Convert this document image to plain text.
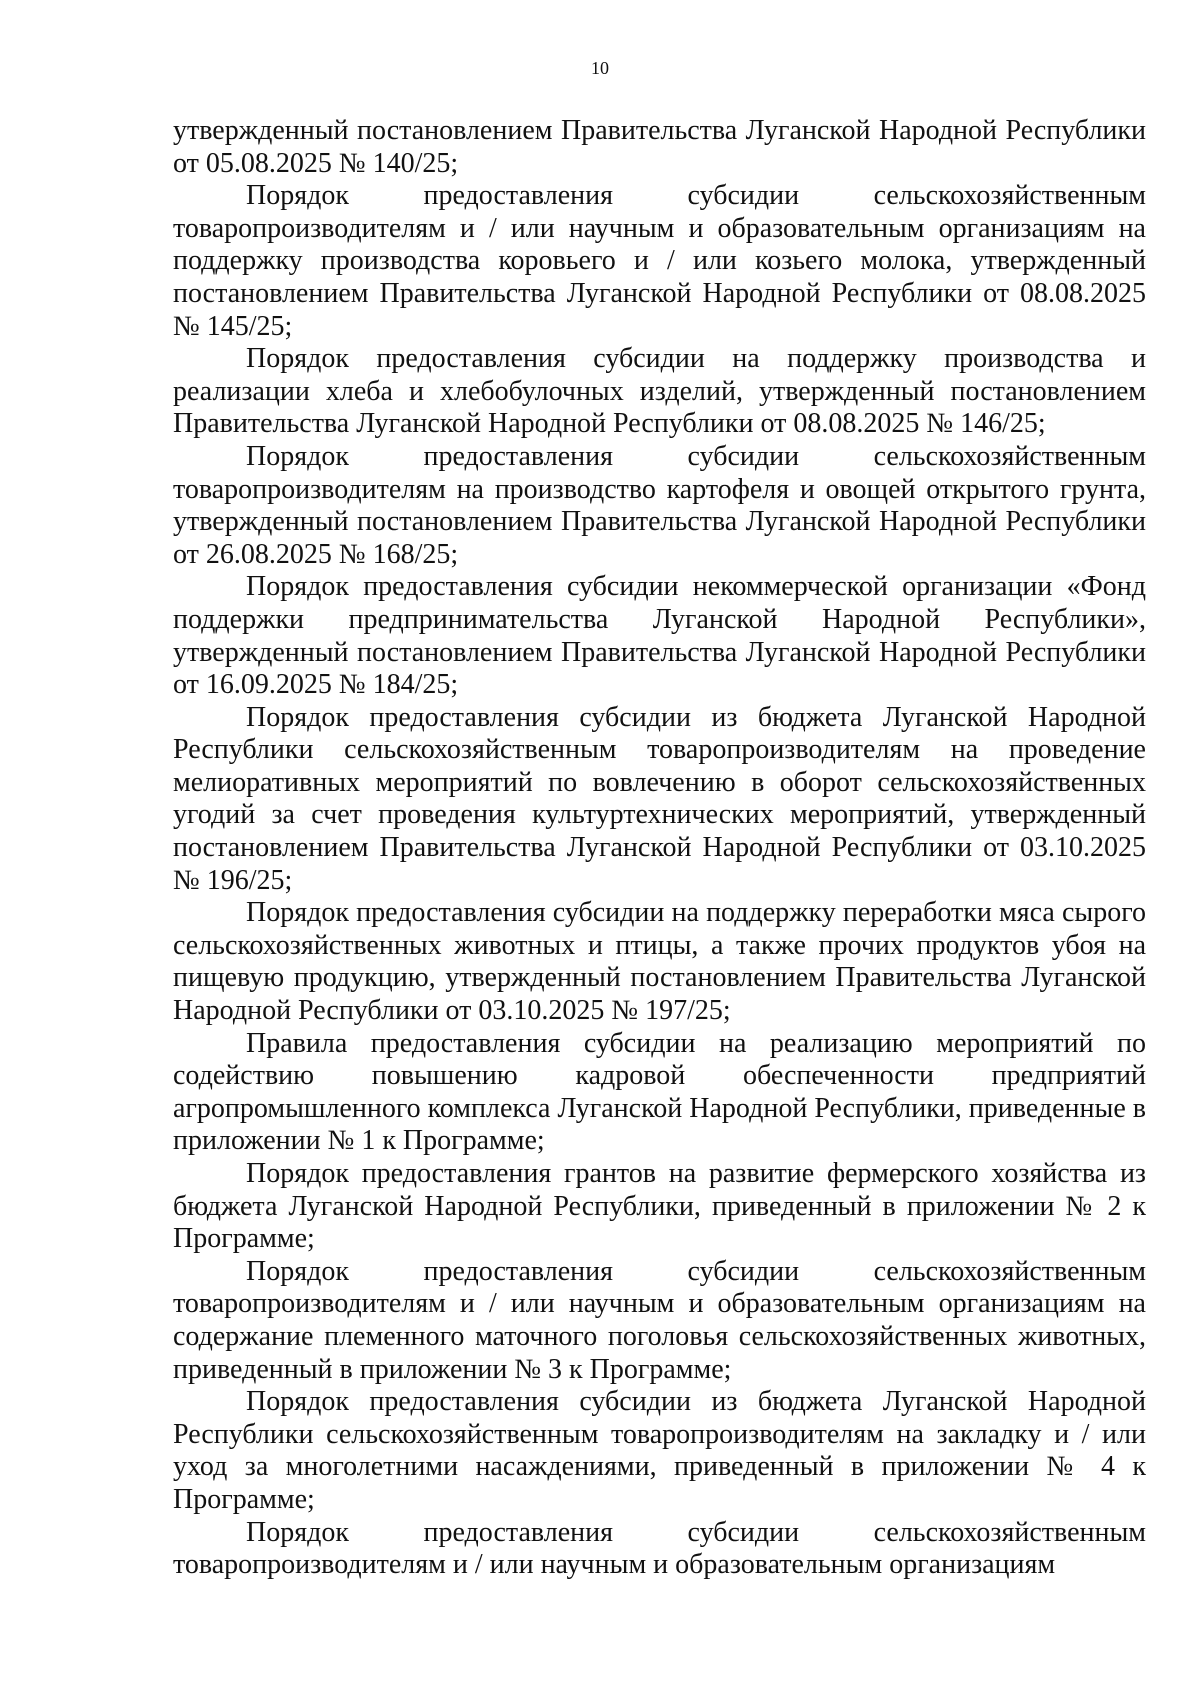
10

утвержденный постановлением Правительства Луганской Народной Республики от 05.08.2025 № 140/25;

Порядок предоставления субсидии сельскохозяйственным товаропроизводителям и / или научным и образовательным организациям на поддержку производства коровьего и / или козьего молока, утвержденный постановлением Правительства Луганской Народной Республики от 08.08.2025 № 145/25;

Порядок предоставления субсидии на поддержку производства и реализации хлеба и хлебобулочных изделий, утвержденный постановлением Правительства Луганской Народной Республики от 08.08.2025 № 146/25;

Порядок предоставления субсидии сельскохозяйственным товаропроизводителям на производство картофеля и овощей открытого грунта, утвержденный постановлением Правительства Луганской Народной Республики от 26.08.2025 № 168/25;

Порядок предоставления субсидии некоммерческой организации «Фонд поддержки предпринимательства Луганской Народной Республики», утвержденный постановлением Правительства Луганской Народной Республики от 16.09.2025 № 184/25;

Порядок предоставления субсидии из бюджета Луганской Народной Республики сельскохозяйственным товаропроизводителям на проведение мелиоративных мероприятий по вовлечению в оборот сельскохозяйственных угодий за счет проведения культуртехнических мероприятий, утвержденный постановлением Правительства Луганской Народной Республики от 03.10.2025 № 196/25;

Порядок предоставления субсидии на поддержку переработки мяса сырого сельскохозяйственных животных и птицы, а также прочих продуктов убоя на пищевую продукцию, утвержденный постановлением Правительства Луганской Народной Республики от 03.10.2025 № 197/25;

Правила предоставления субсидии на реализацию мероприятий по содействию повышению кадровой обеспеченности предприятий агропромышленного комплекса Луганской Народной Республики, приведенные в приложении № 1 к Программе;

Порядок предоставления грантов на развитие фермерского хозяйства из бюджета Луганской Народной Республики, приведенный в приложении № 2 к Программе;

Порядок предоставления субсидии сельскохозяйственным товаропроизводителям и / или научным и образовательным организациям на содержание племенного маточного поголовья сельскохозяйственных животных, приведенный в приложении № 3 к Программе;

Порядок предоставления субсидии из бюджета Луганской Народной Республики сельскохозяйственным товаропроизводителям на закладку и / или уход за многолетними насаждениями, приведенный в приложении № 4 к Программе;

Порядок предоставления субсидии сельскохозяйственным товаропроизводителям и / или научным и образовательным организациям
